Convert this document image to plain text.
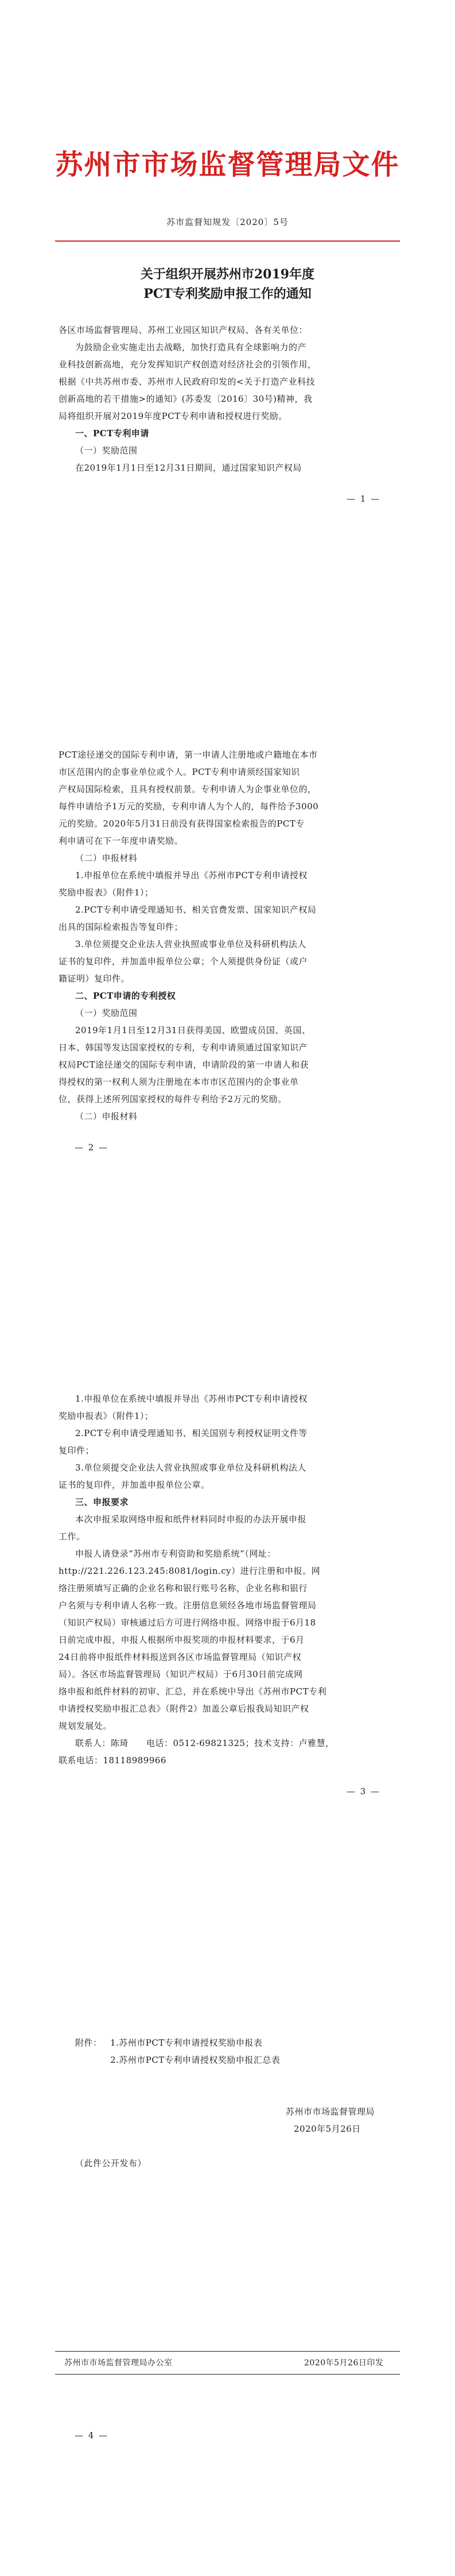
苏州市市场监督管理局文件
苏市监督知规发〔2020〕5号
关于组织开展苏州市2019年度
PCT专利奖励申报工作的通知
各区市场监督管理局、苏州工业园区知识产权局、各有关单位：
为鼓励企业实施走出去战略，加快打造具有全球影响力的产
业科技创新高地，充分发挥知识产权创造对经济社会的引领作用，
根据《中共苏州市委、苏州市人民政府印发的<关于打造产业科技
创新高地的若干措施>的通知》(苏委发〔2016〕30号)精神，我
局将组织开展对2019年度PCT专利申请和授权进行奖励。
一、PCT专利申请
（一）奖励范围
在2019年1月1日至12月31日期间，通过国家知识产权局
— 1 —
PCT途径递交的国际专利申请，第一申请人注册地或户籍地在本市
市区范围内的企事业单位或个人。PCT专利申请须经国家知识
产权局国际检索，且具有授权前景。专利申请人为企事业单位的，
每件申请给予1万元的奖励，专利申请人为个人的，每件给予3000
元的奖励。2020年5月31日前没有获得国家检索报告的PCT专
利申请可在下一年度申请奖励。
（二）申报材料
1.申报单位在系统中填报并导出《苏州市PCT专利申请授权
奖励申报表》（附件1）；
2.PCT专利申请受理通知书、相关官费发票、国家知识产权局
出具的国际检索报告等复印件；
3.单位须提交企业法人营业执照或事业单位及科研机构法人
证书的复印件，并加盖申报单位公章；个人须提供身份证（或户
籍证明）复印件。
二、PCT申请的专利授权
（一）奖励范围
2019年1月1日至12月31日获得美国、欧盟成员国、英国、
日本、韩国等发达国家授权的专利，专利申请须通过国家知识产
权局PCT途径递交的国际专利申请，申请阶段的第一申请人和获
得授权的第一权利人须为注册地在本市市区范围内的企事业单
位，获得上述所列国家授权的每件专利给予2万元的奖励。
（二）申报材料
— 2 —
1.申报单位在系统中填报并导出《苏州市PCT专利申请授权
奖励申报表》（附件1）；
2.PCT专利申请受理通知书、相关国别专利授权证明文件等
复印件；
3.单位须提交企业法人营业执照或事业单位及科研机构法人
证书的复印件，并加盖申报单位公章。
三、申报要求
本次申报采取网络申报和纸件材料同时申报的办法开展申报
工作。
申报人请登录“苏州市专利资助和奖励系统”（网址：
http://221.226.123.245:8081/login.cy）进行注册和申报。网
络注册须填写正确的企业名称和银行账号名称，企业名称和银行
户名须与专利申请人名称一致。注册信息须经各地市场监督管理局
（知识产权局）审核通过后方可进行网络申报。网络申报于6月18
日前完成申报，申报人根据所申报奖项的申报材料要求，于6月
24日前将申报纸件材料报送到各区市场监督管理局（知识产权
局）。各区市场监督管理局（知识产权局）于6月30日前完成网
络申报和纸件材料的初审、汇总，并在系统中导出《苏州市PCT专利
申请授权奖励申报汇总表》（附件2）加盖公章后报我局知识产权
规划发展处。
联系人：陈琦　　电话：0512-69821325；技术支持：卢雅慧，
联系电话：18118989966
— 3 —
附件： 1.苏州市PCT专利申请授权奖励申报表
2.苏州市PCT专利申请授权奖励申报汇总表
苏州市市场监督管理局
2020年5月26日
（此件公开发布）
苏州市市场监督管理局办公室	2020年5月26日印发
— 4 —
